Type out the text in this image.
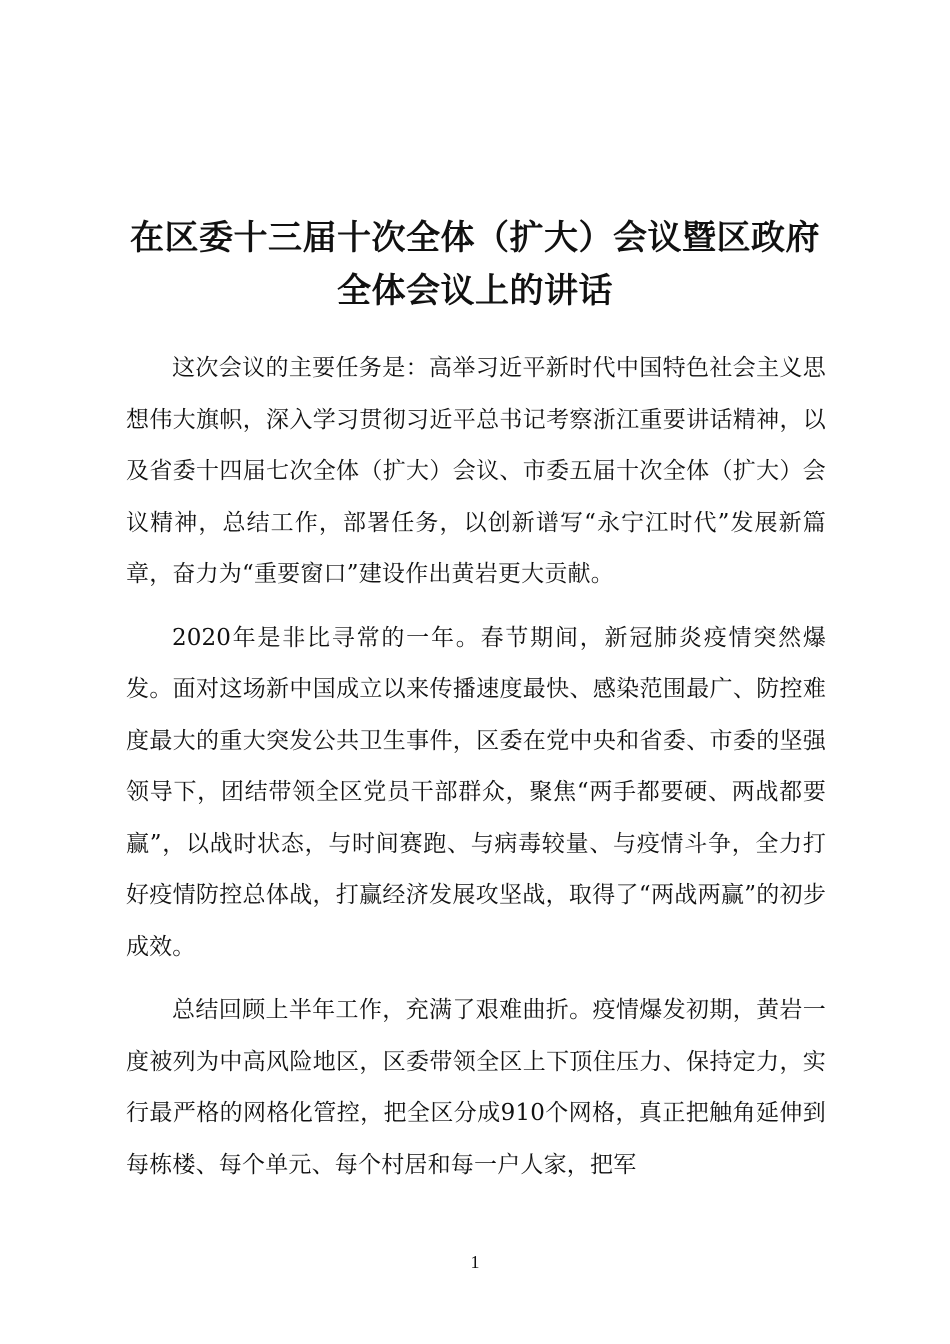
在区委十三届十次全体（扩大）会议暨区政府
全体会议上的讲话

这次会议的主要任务是：高举习近平新时代中国特色社会主义思想伟大旗帜，深入学习贯彻习近平总书记考察浙江重要讲话精神，以及省委十四届七次全体（扩大）会议、市委五届十次全体（扩大）会议精神，总结工作，部署任务，以创新谱写“永宁江时代”发展新篇章，奋力为“重要窗口”建设作出黄岩更大贡献。

2020年是非比寻常的一年。春节期间，新冠肺炎疫情突然爆发。面对这场新中国成立以来传播速度最快、感染范围最广、防控难度最大的重大突发公共卫生事件，区委在党中央和省委、市委的坚强领导下，团结带领全区党员干部群众，聚焦“两手都要硬、两战都要赢”，以战时状态，与时间赛跑、与病毒较量、与疫情斗争，全力打好疫情防控总体战，打赢经济发展攻坚战，取得了“两战两赢”的初步成效。

总结回顾上半年工作，充满了艰难曲折。疫情爆发初期，黄岩一度被列为中高风险地区，区委带领全区上下顶住压力、保持定力，实行最严格的网格化管控，把全区分成910个网格，真正把触角延伸到每栋楼、每个单元、每个村居和每一户人家，把军

1
